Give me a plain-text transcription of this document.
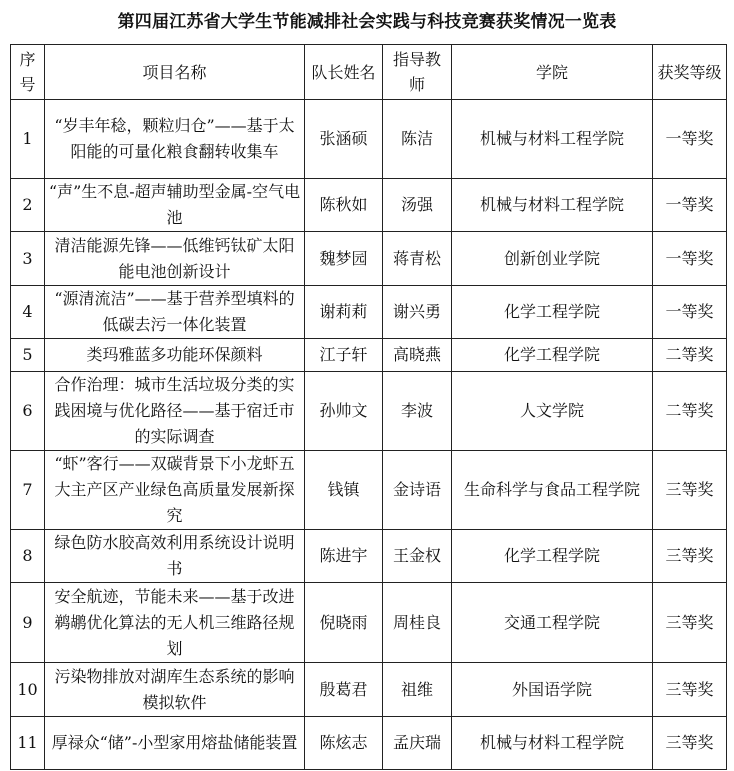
第四届江苏省大学生节能减排社会实践与科技竞赛获奖情况一览表
序号	项目名称	队长姓名	指导教师	学院	获奖等级
1	“岁丰年稔，颗粒归仓”——基于太阳能的可量化粮食翻转收集车	张涵硕	陈洁	机械与材料工程学院	一等奖
2	“声”生不息-超声辅助型金属-空气电池	陈秋如	汤强	机械与材料工程学院	一等奖
3	清洁能源先锋——低维钙钛矿太阳能电池创新设计	魏梦园	蒋青松	创新创业学院	一等奖
4	“源清流洁”——基于营养型填料的低碳去污一体化装置	谢莉莉	谢兴勇	化学工程学院	一等奖
5	类玛雅蓝多功能环保颜料	江子轩	高晓燕	化学工程学院	二等奖
6	合作治理：城市生活垃圾分类的实践困境与优化路径——基于宿迁市的实际调查	孙帅文	李波	人文学院	二等奖
7	“虾”客行——双碳背景下小龙虾五大主产区产业绿色高质量发展新探究	钱镇	金诗语	生命科学与食品工程学院	三等奖
8	绿色防水胶高效利用系统设计说明书	陈进宇	王金权	化学工程学院	三等奖
9	安全航迹，节能未来——基于改进鹈鹕优化算法的无人机三维路径规划	倪晓雨	周桂良	交通工程学院	三等奖
10	污染物排放对湖库生态系统的影响模拟软件	殷葛君	祖维	外国语学院	三等奖
11	厚禄众“储”-小型家用熔盐储能装置	陈炫志	孟庆瑞	机械与材料工程学院	三等奖
